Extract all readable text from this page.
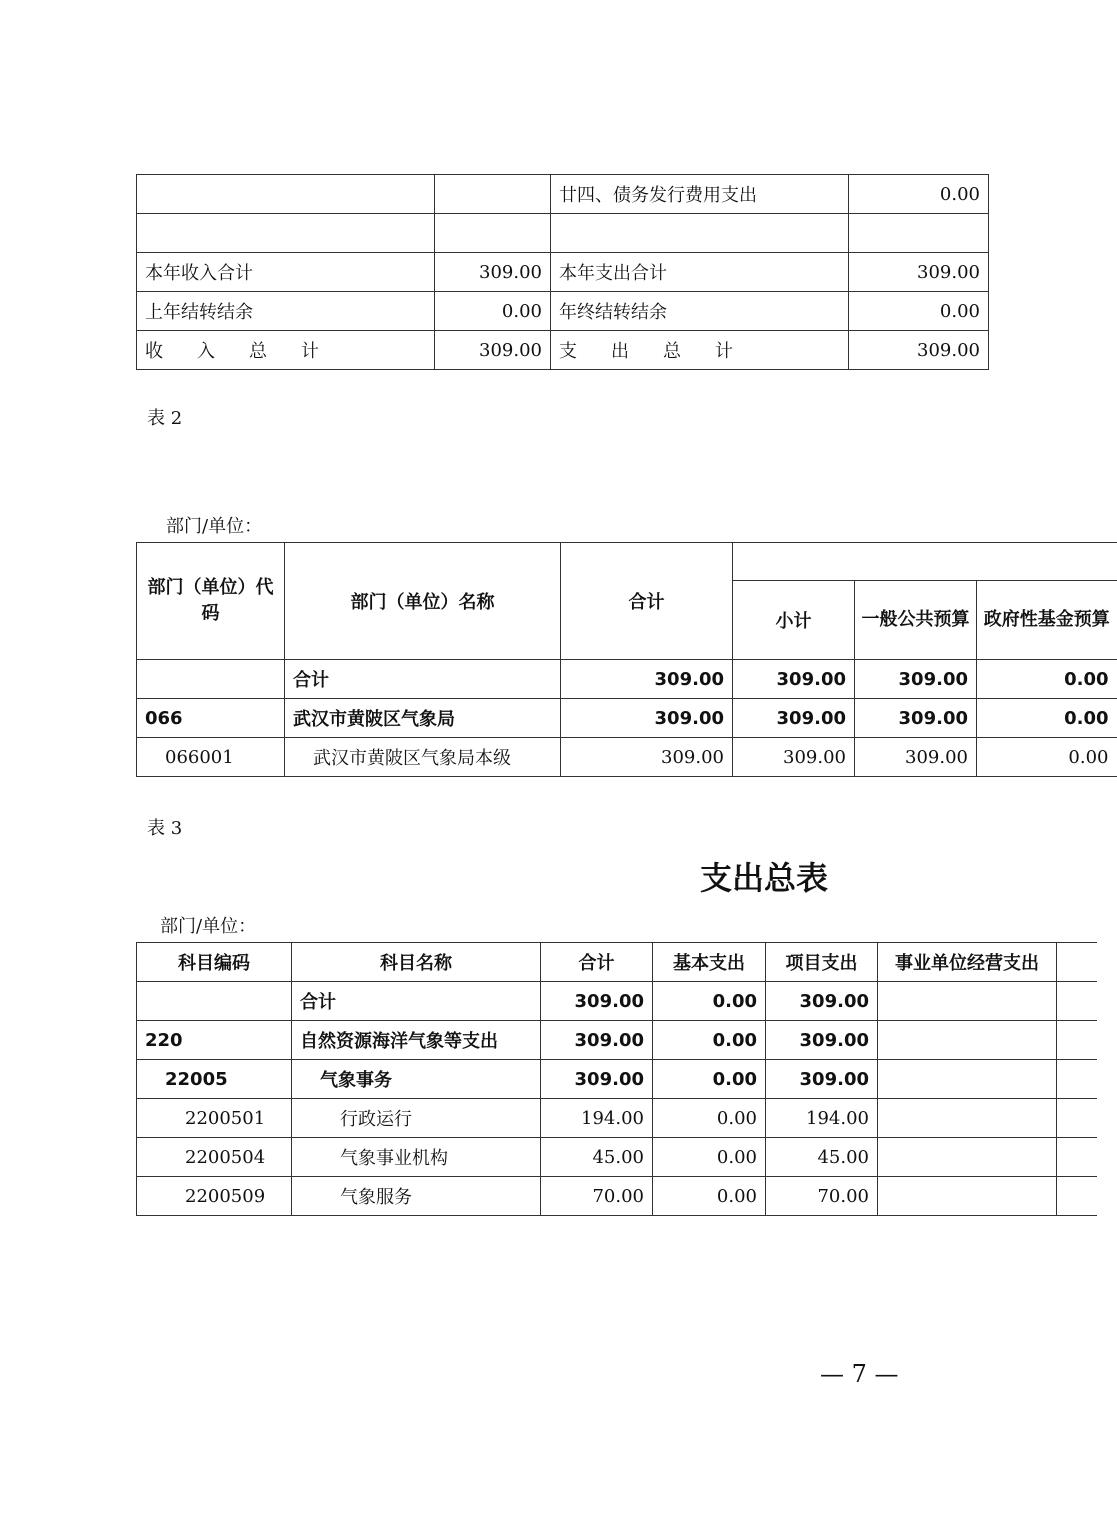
		廿四、债务发行费用支出	0.00

本年收入合计	309.00	本年支出合计	309.00
上年结转结余	0.00	年终结转结余	0.00
收入总计	309.00	支出总计	309.00
表 2
部门/单位：
部门（单位）代码	部门（单位）名称	合计			
			小计	一般公共预算	政府性基金预算
	合计	309.00	309.00	309.00	0.00
066	武汉市黄陂区气象局	309.00	309.00	309.00	0.00
066001	武汉市黄陂区气象局本级	309.00	309.00	309.00	0.00
表 3
支出总表
部门/单位：
科目编码	科目名称	合计	基本支出	项目支出	事业单位经营支出	
	合计	309.00	0.00	309.00		
220	自然资源海洋气象等支出	309.00	0.00	309.00		
22005	气象事务	309.00	0.00	309.00		
2200501	行政运行	194.00	0.00	194.00		
2200504	气象事业机构	45.00	0.00	45.00		
2200509	气象服务	70.00	0.00	70.00		
— 7 —
